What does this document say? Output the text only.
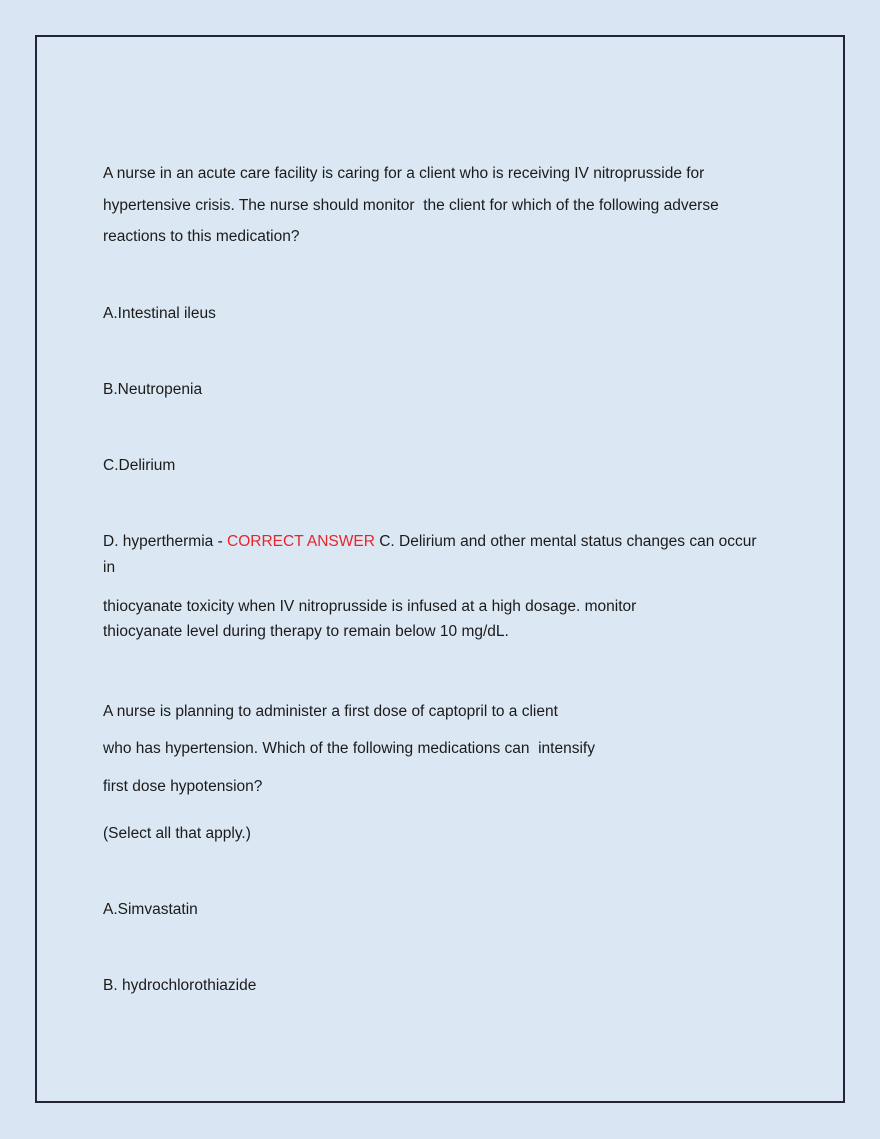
A nurse in an acute care facility is caring for a client who is receiving IV nitroprusside for hypertensive crisis. The nurse should monitor  the client for which of the following adverse reactions to this medication?

A.Intestinal ileus

B.Neutropenia

C.Delirium

D. hyperthermia - CORRECT ANSWER C. Delirium and other mental status changes can occur in

thiocyanate toxicity when IV nitroprusside is infused at a high dosage. monitor

thiocyanate level during therapy to remain below 10 mg/dL.

A nurse is planning to administer a first dose of captopril to a client
who has hypertension. Which of the following medications can  intensify
first dose hypotension?

(Select all that apply.)

A.Simvastatin

B. hydrochlorothiazide
